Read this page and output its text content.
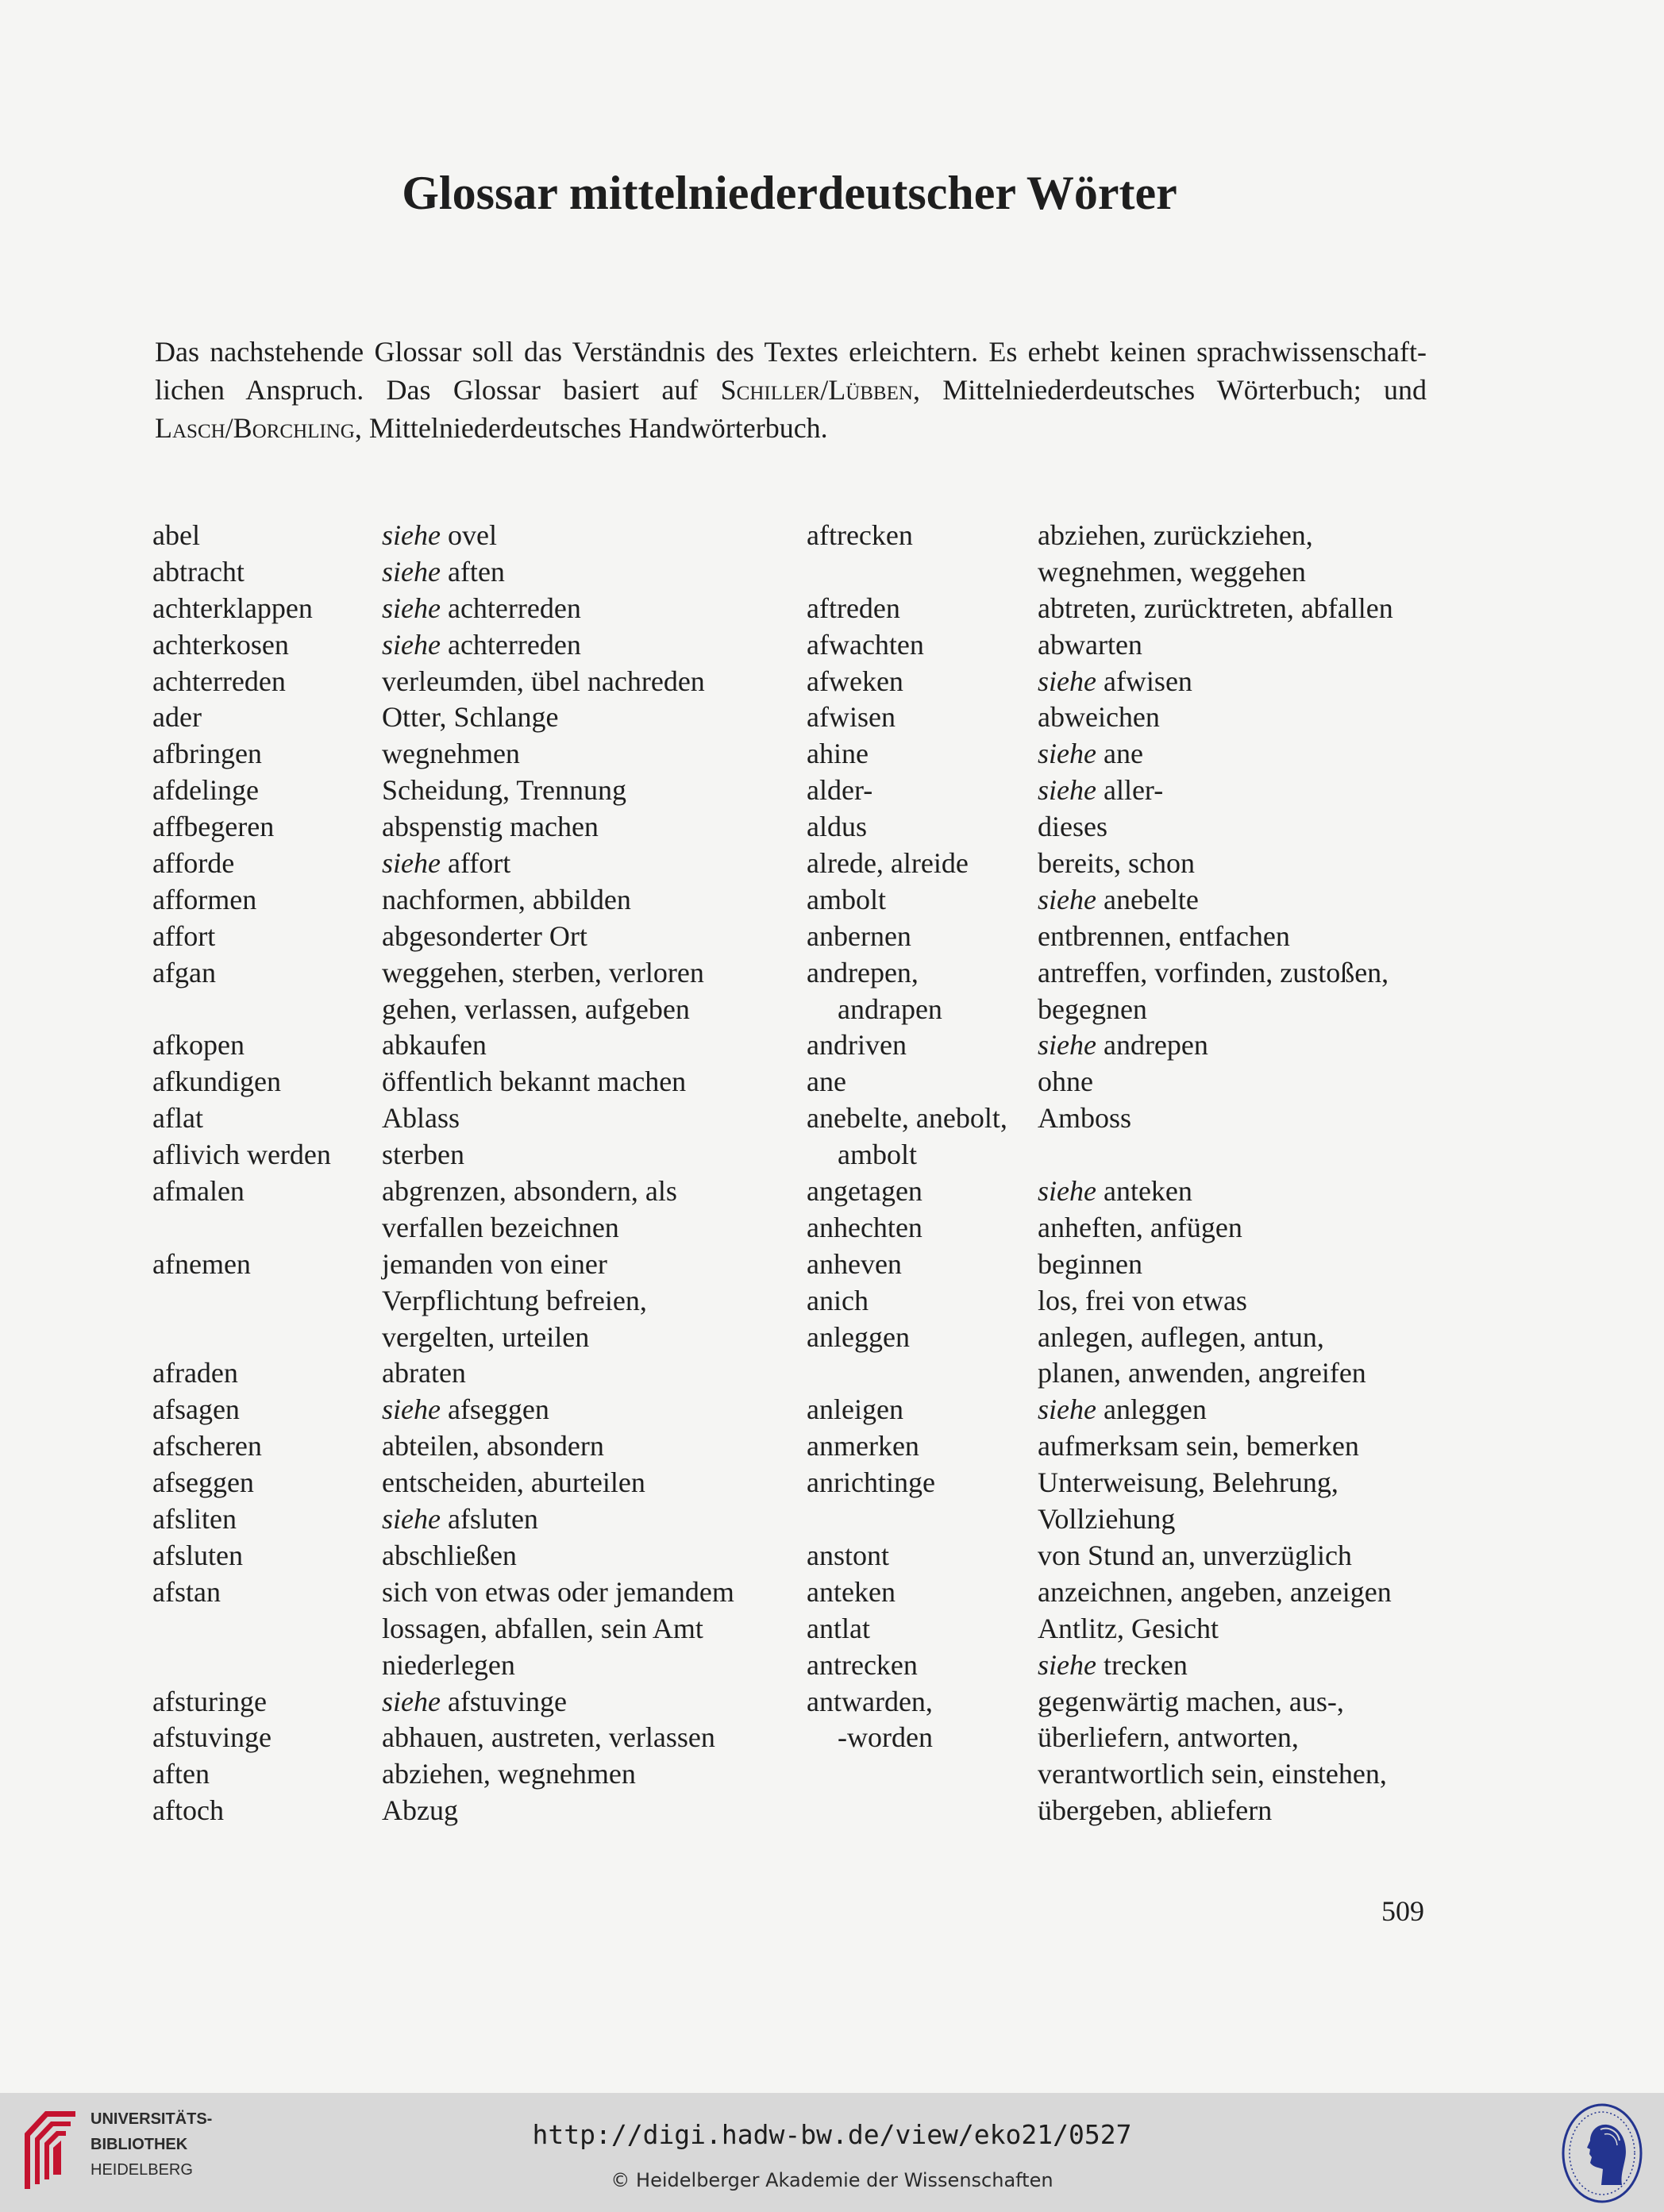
Glossar mittelniederdeutscher Wörter
Das nachstehende Glossar soll das Verständnis des Textes erleichtern. Es erhebt keinen sprachwissenschaft-
lichen Anspruch. Das Glossar basiert auf Schiller/Lübben, Mittelniederdeutsches Wörterbuch; und
Lasch/Borchling, Mittelniederdeutsches Handwörterbuch.
abel	siehe ovel
abtracht	siehe aften
achterklappen siehe achterreden
achterkosen	siehe achterreden
achterreden	verleumden, übel nachreden
ader	Otter, Schlange
afbringen	wegnehmen
afdelinge	Scheidung, Trennung
affbegeren	abspenstig machen
afforde	siehe affort
afformen	nachformen, abbilden
affort	abgesonderter Ort
afgan	weggehen, sterben, verloren
gehen, verlassen, aufgeben
afkopen	abkaufen
afkundigen	öffentlich bekannt machen
aflat	Ablass
aflivich werden sterben
afmalen	abgrenzen, absondern, als
verfallen bezeichnen
afnemen	jemanden von einer
Verpflichtung befreien,
vergelten, urteilen
afraden	abraten
afsagen	siehe afseggen
afscheren	abteilen, absondern
afseggen	entscheiden, aburteilen
afsliten	siehe afsluten
afsluten	abschließen
afstan	sich von etwas oder jemandem
lossagen, abfallen, sein Amt
niederlegen
afsturinge	siehe afstuvinge
afstuvinge	abhauen, austreten, verlassen
aften	abziehen, wegnehmen
aftoch	Abzug
aftrecken	abziehen, zurückziehen,
wegnehmen, weggehen
aftreden	abtreten, zurücktreten, abfallen
afwachten	abwarten
afweken	siehe afwisen
afwisen	abweichen
ahine	siehe ane
alder-	siehe aller-
aldus	dieses
alrede, alreide bereits, schon
ambolt	siehe anebelte
anbernen	entbrennen, entfachen
andrepen,	antreffen, vorfinden, zustoßen,
andrapen	begegnen
andriven	siehe andrepen
ane	ohne
anebelte, anebolt, Amboss
ambolt
angetagen	siehe anteken
anhechten	anheften, anfügen
anheven	beginnen
anich	los, frei von etwas
anleggen	anlegen, auflegen, antun,
planen, anwenden, angreifen
anleigen	siehe anleggen
anmerken	aufmerksam sein, bemerken
anrichtinge	Unterweisung, Belehrung,
Vollziehung
anstont	von Stund an, unverzüglich
anteken	anzeichnen, angeben, anzeigen
antlat	Antlitz, Gesicht
antrecken	siehe trecken
antwarden,	gegenwärtig machen, aus-,
-worden	überliefern, antworten,
verantwortlich sein, einstehen,
übergeben, abliefern
509
UNIVERSITÄTS-
BIBLIOTHEK
HEIDELBERG
http://digi.hadw-bw.de/view/eko21/0527
© Heidelberger Akademie der Wissenschaften
